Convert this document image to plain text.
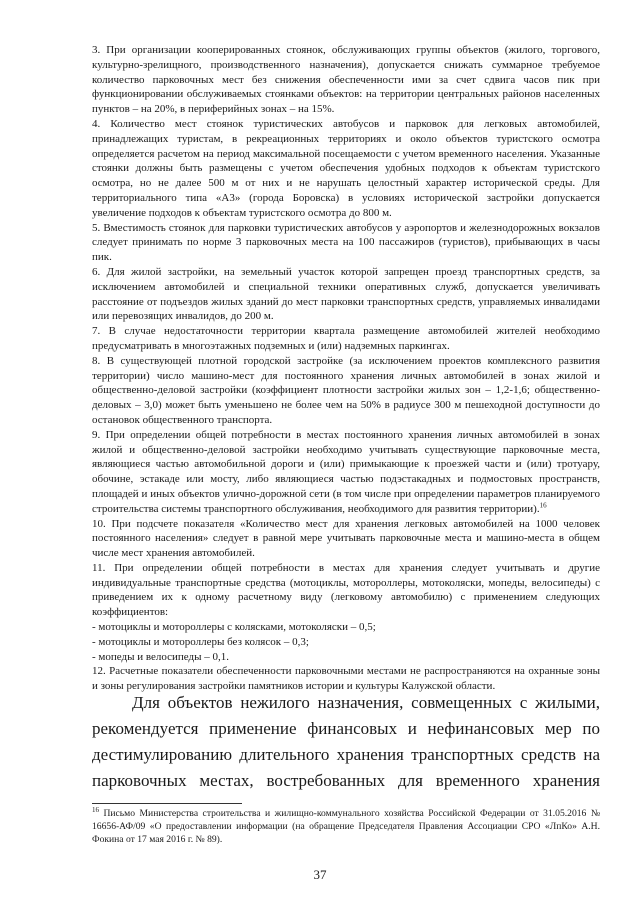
3. При организации кооперированных стоянок, обслуживающих группы объектов (жилого, торгового, культурно-зрелищного, производственного назначения), допускается снижать суммарное требуемое количество парковочных мест без снижения обеспеченности ими за счет сдвига часов пик при функционировании обслуживаемых стоянками объектов: на территории центральных районов населенных пунктов – на 20%, в периферийных зонах – на 15%.

4. Количество мест стоянок туристических автобусов и парковок для легковых автомобилей, принадлежащих туристам, в рекреационных территориях и около объектов туристского осмотра определяется расчетом на период максимальной посещаемости с учетом временного населения. Указанные стоянки должны быть размещены с учетом обеспечения удобных подходов к объектам туристского осмотра, но не далее 500 м от них и не нарушать целостный характер исторической среды. Для территориального типа «А3» (города Боровска) в условиях исторической застройки допускается увеличение подходов к объектам туристского осмотра до 800 м.

5. Вместимость стоянок для парковки туристических автобусов у аэропортов и железнодорожных вокзалов следует принимать по норме 3 парковочных места на 100 пассажиров (туристов), прибывающих в часы пик.

6. Для жилой застройки, на земельный участок которой запрещен проезд транспортных средств, за исключением автомобилей и специальной техники оперативных служб, допускается увеличивать расстояние от подъездов жилых зданий до мест парковки транспортных средств, управляемых инвалидами или перевозящих инвалидов, до 200 м.

7. В случае недостаточности территории квартала размещение автомобилей жителей необходимо предусматривать в многоэтажных подземных и (или) надземных паркингах.

8. В существующей плотной городской застройке (за исключением проектов комплексного развития территории) число машино-мест для постоянного хранения личных автомобилей в зонах жилой и общественно-деловой застройки (коэффициент плотности застройки жилых зон – 1,2-1,6; общественно-деловых – 3,0) может быть уменьшено не более чем на 50% в радиусе 300 м пешеходной доступности до остановок общественного транспорта.

9. При определении общей потребности в местах постоянного хранения личных автомобилей в зонах жилой и общественно-деловой застройки необходимо учитывать существующие парковочные места, являющиеся частью автомобильной дороги и (или) примыкающие к проезжей части и (или) тротуару, обочине, эстакаде или мосту, либо являющиеся частью подэстакадных и подмостовых пространств, площадей и иных объектов улично-дорожной сети (в том числе при определении параметров планируемого строительства системы транспортного обслуживания, необходимого для развития территории).$^{16}$

10. При подсчете показателя «Количество мест для хранения легковых автомобилей на 1000 человек постоянного населения» следует в равной мере учитывать парковочные места и машино-места в общем числе мест хранения автомобилей.

11. При определении общей потребности в местах для хранения следует учитывать и другие индивидуальные транспортные средства (мотоциклы, мотороллеры, мотоколяски, мопеды, велосипеды) с приведением их к одному расчетному виду (легковому автомобилю) с применением следующих коэффициентов:

- мотоциклы и мотороллеры с колясками, мотоколяски – 0,5;

- мотоциклы и мотороллеры без колясок – 0,3;

- мопеды и велосипеды – 0,1.

12. Расчетные показатели обеспеченности парковочными местами не распространяются на охранные зоны и зоны регулирования застройки памятников истории и культуры Калужской области.

Для объектов нежилого назначения, совмещенных с жилыми, рекомендуется применение финансовых и нефинансовых мер по дестимулированию длительного хранения транспортных средств на парковочных местах, востребованных для временного хранения
$^{16}$ Письмо Министерства строительства и жилищно-коммунального хозяйства Российской Федерации от 31.05.2016 № 16656-АФ/09 «О предоставлении информации (на обращение Председателя Правления Ассоциации СРО «ЛпКо» А.Н. Фокина от 17 мая 2016 г. № 89).
37
